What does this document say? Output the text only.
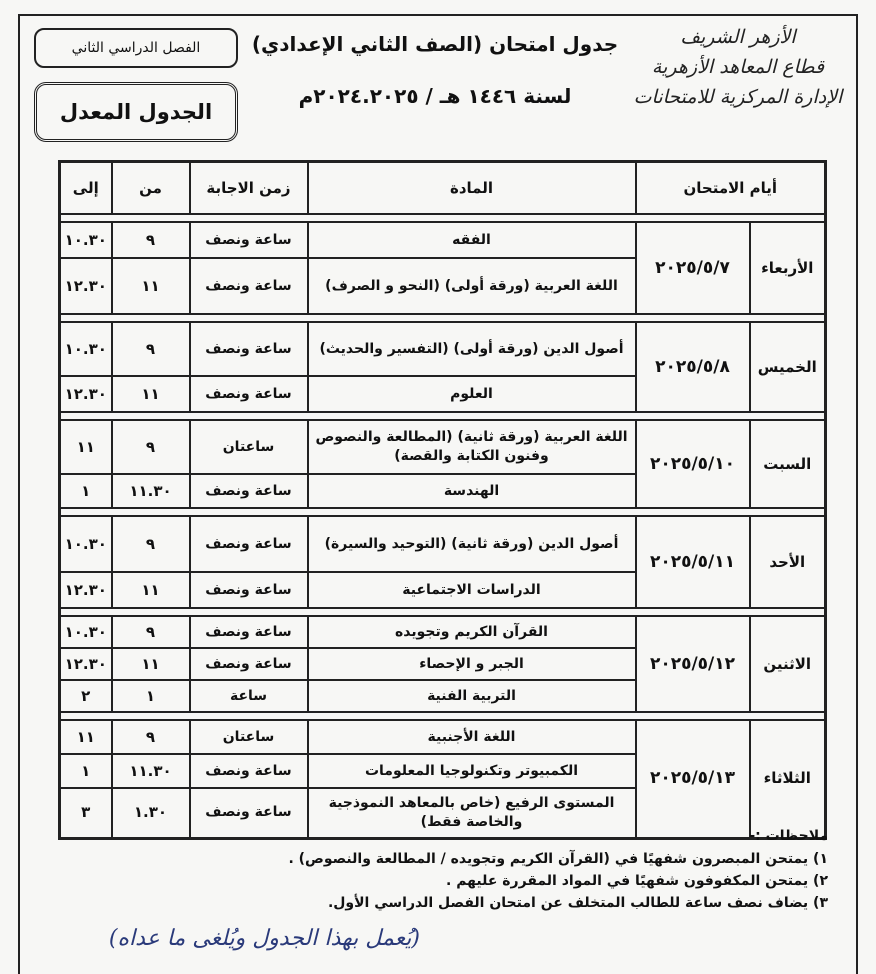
الفصل الدراسي الثاني
الجدول المعدل
جدول امتحان (الصف الثاني الإعدادي)
لسنة ١٤٤٦ هـ / ٢٠٢٤.٢٠٢٥م
الأزهر الشريف
قطاع المعاهد الأزهرية
الإدارة المركزية للامتحانات
أيام الامتحان		المادة	زمن الاجابة	من	إلى

الأربعاء	٢٠٢٥/٥/٧	الفقه	ساعة ونصف	٩	١٠.٣٠
		اللغة العربية (ورقة أولى) (النحو و الصرف)	ساعة ونصف	١١	١٢.٣٠

الخميس	٢٠٢٥/٥/٨	أصول الدين (ورقة أولى) (التفسير والحديث)	ساعة ونصف	٩	١٠.٣٠
		العلوم	ساعة ونصف	١١	١٢.٣٠

السبت	٢٠٢٥/٥/١٠	اللغة العربية (ورقة ثانية) (المطالعة والنصوص وفنون الكتابة والقصة)	ساعتان	٩	١١
		الهندسة	ساعة ونصف	١١.٣٠	١

الأحد	٢٠٢٥/٥/١١	أصول الدين (ورقة ثانية) (التوحيد والسيرة)	ساعة ونصف	٩	١٠.٣٠
		الدراسات الاجتماعية	ساعة ونصف	١١	١٢.٣٠

الاثنين	٢٠٢٥/٥/١٢	القرآن الكريم وتجويده	ساعة ونصف	٩	١٠.٣٠
		الجبر و الإحصاء	ساعة ونصف	١١	١٢.٣٠
		التربية الفنية	ساعة	١	٢

الثلاثاء	٢٠٢٥/٥/١٣	اللغة الأجنبية	ساعتان	٩	١١
		الكمبيوتر وتكنولوجيا المعلومات	ساعة ونصف	١١.٣٠	١
		المستوى الرفيع (خاص بالمعاهد النموذجية والخاصة فقط)	ساعة ونصف	١.٣٠	٣
ملاحظات :-
١) يمتحن المبصرون شفهيًا في (القرآن الكريم وتجويده / المطالعة والنصوص) .
٢) يمتحن المكفوفون شفهيًا في المواد المقررة عليهم .
٣) يضاف نصف ساعة للطالب المتخلف عن امتحان الفصل الدراسي الأول.
(يُعمل بهذا الجدول ويُلغى ما عداه)
